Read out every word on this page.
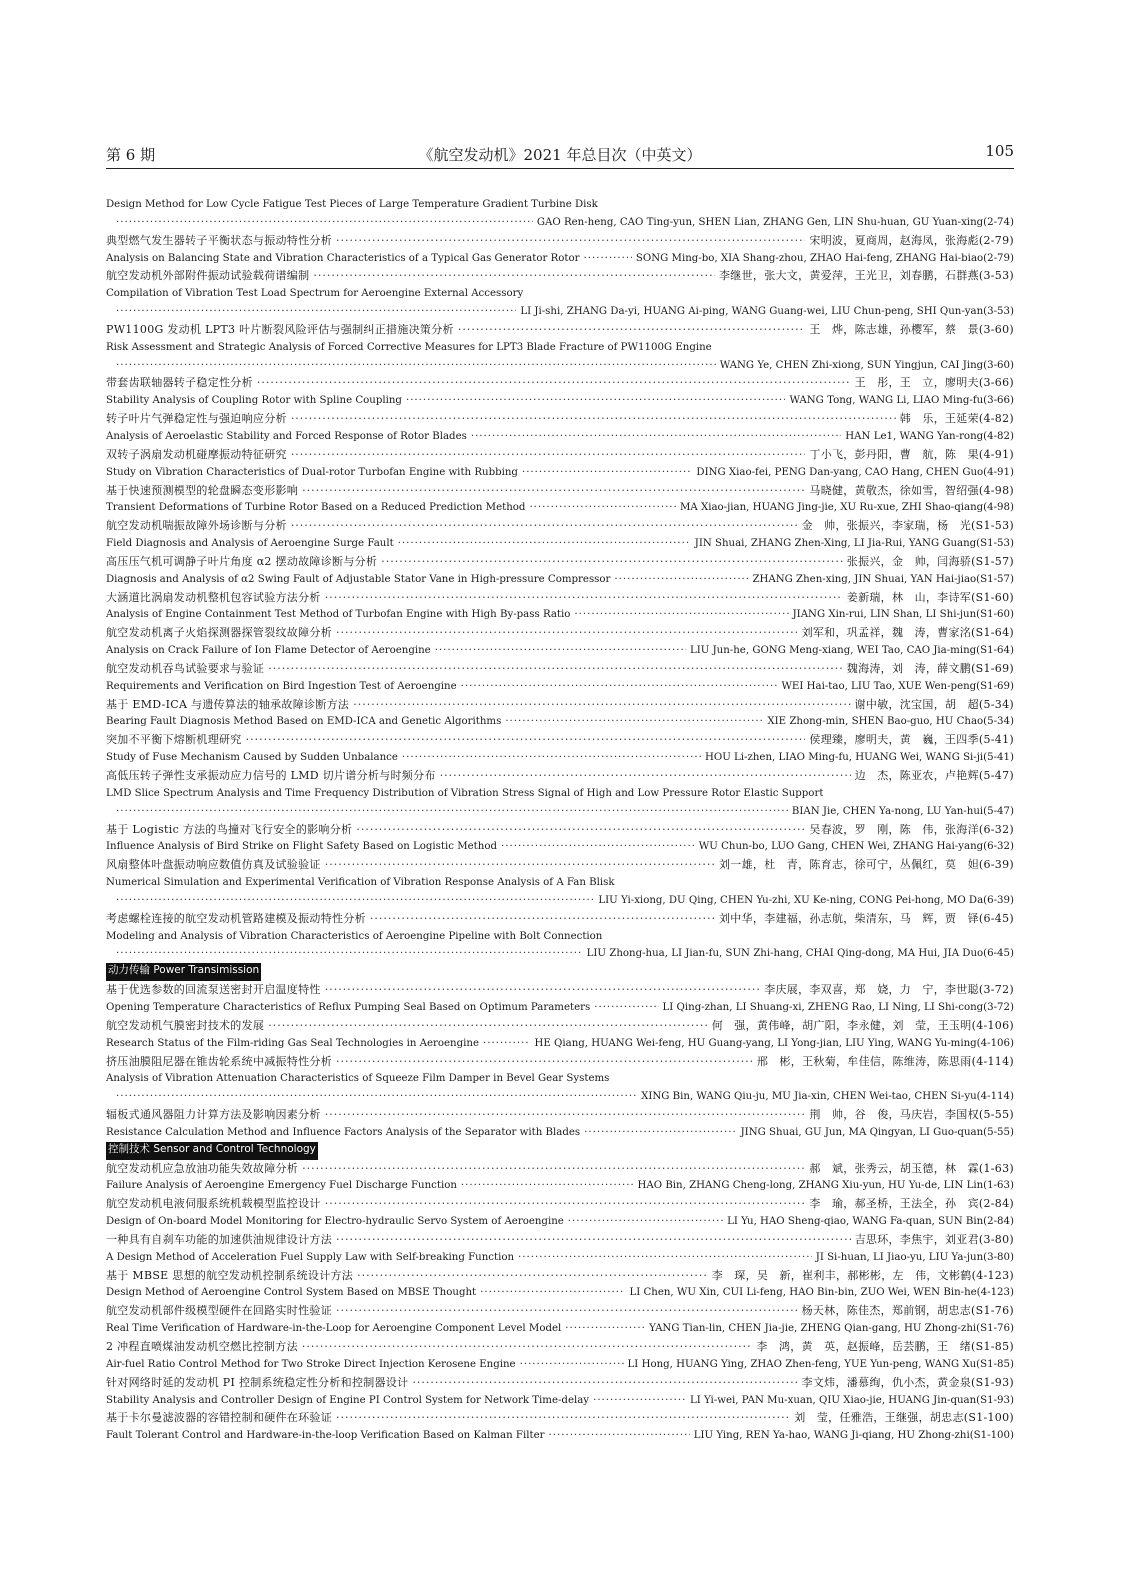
第 6 期	《航空发动机》2021 年总目次（中英文）	105
Design Method for Low Cycle Fatigue Test Pieces of Large Temperature Gradient Turbine Disk
·····
GAO Ren-heng, CAO Ting-yun, SHEN Lian, ZHANG Gen, LIN Shu-huan, GU Yuan-xing(2-74)
典型燃气发生器转子平衡状态与振动特性分析 ·····	宋明波，夏商周，赵海凤，张海彪(2-79)
Analysis on Balancing State and Vibration Characteristics of a Typical Gas Generator Rotor ·····	SONG Ming-bo, XIA Shang-zhou, ZHAO Hai-feng, ZHANG Hai-biao(2-79)
航空发动机外部附件振动试验载荷谱编制 ·····	李继世，张大文，黄爱萍，王光卫，刘春鹏，石群燕(3-53)
Compilation of Vibration Test Load Spectrum for Aeroengine External Accessory
·····
LI Ji-shi, ZHANG Da-yi, HUANG Ai-ping, WANG Guang-wei, LIU Chun-peng, SHI Qun-yan(3-53)
PW1100G 发动机 LPT3 叶片断裂风险评估与强制纠正措施决策分析 ·····	王　烨，陈志雄，孙樱军，蔡　景(3-60)
Risk Assessment and Strategic Analysis of Forced Corrective Measures for LPT3 Blade Fracture of PW1100G Engine
·····
WANG Ye, CHEN Zhi-xiong, SUN Yingjun, CAI Jing(3-60)
带套齿联轴器转子稳定性分析 ·····	王　彤，王　立，廖明夫(3-66)
Stability Analysis of Coupling Rotor with Spline Coupling ·····	WANG Tong, WANG Li, LIAO Ming-fu(3-66)
转子叶片气弹稳定性与强迫响应分析 ·····	韩　乐，王延荣(4-82)
Analysis of Aeroelastic Stability and Forced Response of Rotor Blades ·····	HAN Le1, WANG Yan-rong(4-82)
双转子涡扇发动机碰摩振动特征研究 ·····	丁小飞，彭丹阳，曹　航，陈　果(4-91)
Study on Vibration Characteristics of Dual-rotor Turbofan Engine with Rubbing ·····	DING Xiao-fei, PENG Dan-yang, CAO Hang, CHEN Guo(4-91)
基于快速预测模型的轮盘瞬态变形影响 ·····	马晓健，黄敬杰，徐如雪，智绍强(4-98)
Transient Deformations of Turbine Rotor Based on a Reduced Prediction Method ·····	MA Xiao-jian, HUANG Jing-jie, XU Ru-xue, ZHI Shao-qiang(4-98)
航空发动机喘振故障外场诊断与分析 ·····	金　帅，张振兴，李家瑞，杨　光(S1-53)
Field Diagnosis and Analysis of Aeroengine Surge Fault ·····	JIN Shuai, ZHANG Zhen-Xing, LI Jia-Rui, YANG Guang(S1-53)
高压压气机可调静子叶片角度 α2 摆动故障诊断与分析 ·····	张振兴，金　帅，闫海骄(S1-57)
Diagnosis and Analysis of α2 Swing Fault of Adjustable Stator Vane in High-pressure Compressor ·····	ZHANG Zhen-xing, JIN Shuai, YAN Hai-jiao(S1-57)
大涵道比涡扇发动机整机包容试验方法分析 ·····	姜新瑞，林　山，李诗军(S1-60)
Analysis of Engine Containment Test Method of Turbofan Engine with High By-pass Ratio ·····	JIANG Xin-rui, LIN Shan, LI Shi-jun(S1-60)
航空发动机离子火焰探测器探管裂纹故障分析 ·····	刘军和，巩孟祥，魏　涛，曹家洺(S1-64)
Analysis on Crack Failure of Ion Flame Detector of Aeroengine ·····	LIU Jun-he, GONG Meng-xiang, WEI Tao, CAO Jia-ming(S1-64)
航空发动机吞鸟试验要求与验证 ·····	魏海涛，刘　涛，薛文鹏(S1-69)
Requirements and Verification on Bird Ingestion Test of Aeroengine ·····	WEI Hai-tao, LIU Tao, XUE Wen-peng(S1-69)
基于 EMD-ICA 与遗传算法的轴承故障诊断方法 ·····	谢中敏，沈宝国，胡　超(5-34)
Bearing Fault Diagnosis Method Based on EMD-ICA and Genetic Algorithms ·····	XIE Zhong-min, SHEN Bao-guo, HU Chao(5-34)
突加不平衡下熔断机理研究 ·····	侯理臻，廖明夫，黄　巍，王四季(5-41)
Study of Fuse Mechanism Caused by Sudden Unbalance ·····	HOU Li-zhen, LIAO Ming-fu, HUANG Wei, WANG Si-ji(5-41)
高低压转子弹性支承振动应力信号的 LMD 切片谱分析与时频分布 ·····	边　杰，陈亚农，卢艳辉(5-47)
LMD Slice Spectrum Analysis and Time Frequency Distribution of Vibration Stress Signal of High and Low Pressure Rotor Elastic Support
·····
BIAN Jie, CHEN Ya-nong, LU Yan-hui(5-47)
基于 Logistic 方法的鸟撞对飞行安全的影响分析 ·····	吴春波，罗　刚，陈　伟，张海洋(6-32)
Influence Analysis of Bird Strike on Flight Safety Based on Logistic Method ·····	WU Chun-bo, LUO Gang, CHEN Wei, ZHANG Hai-yang(6-32)
风扇整体叶盘振动响应数值仿真及试验验证 ·····	刘一雄，杜　青，陈育志，徐可宁，丛佩红，莫　妲(6-39)
Numerical Simulation and Experimental Verification of Vibration Response Analysis of A Fan Blisk
·····
LIU Yi-xiong, DU Qing, CHEN Yu-zhi, XU Ke-ning, CONG Pei-hong, MO Da(6-39)
考虑螺栓连接的航空发动机管路建模及振动特性分析 ·····	刘中华，李建福，孙志航，柴清东，马　辉，贾　铎(6-45)
Modeling and Analysis of Vibration Characteristics of Aeroengine Pipeline with Bolt Connection
·····
LIU Zhong-hua, LI Jian-fu, SUN Zhi-hang, CHAI Qing-dong, MA Hui, JIA Duo(6-45)
动力传输 Power Transimission
基于优选参数的回流泵送密封开启温度特性 ·····	李庆展，李双喜，郑　娆，力　宁，李世聪(3-72)
Opening Temperature Characteristics of Reflux Pumping Seal Based on Optimum Parameters ·····	LI Qing-zhan, LI Shuang-xi, ZHENG Rao, LI Ning, LI Shi-cong(3-72)
航空发动机气膜密封技术的发展 ·····	何　强，黄伟峰，胡广阳，李永健，刘　莹，王玉明(4-106)
Research Status of the Film-riding Gas Seal Technologies in Aeroengine ·····	HE Qiang, HUANG Wei-feng, HU Guang-yang, LI Yong-jian, LIU Ying, WANG Yu-ming(4-106)
挤压油膜阻尼器在锥齿轮系统中减振特性分析 ·····	邢　彬，王秋菊，牟佳信，陈维涛，陈思雨(4-114)
Analysis of Vibration Attenuation Characteristics of Squeeze Film Damper in Bevel Gear Systems
·····
XING Bin, WANG Qiu-ju, MU Jia-xin, CHEN Wei-tao, CHEN Si-yu(4-114)
辐板式通风器阻力计算方法及影响因素分析 ·····	荆　帅，谷　俊，马庆岩，李国权(5-55)
Resistance Calculation Method and Influence Factors Analysis of the Separator with Blades ·····	JING Shuai, GU Jun, MA Qingyan, LI Guo-quan(5-55)
控制技术 Sensor and Control Technology
航空发动机应急放油功能失效故障分析 ·····	郝　斌，张秀云，胡玉德，林　霖(1-63)
Failure Analysis of Aeroengine Emergency Fuel Discharge Function ·····	HAO Bin, ZHANG Cheng-long, ZHANG Xiu-yun, HU Yu-de, LIN Lin(1-63)
航空发动机电液伺服系统机载模型监控设计 ·····	李　瑜，郝圣桥，王法全，孙　宾(2-84)
Design of On-board Model Monitoring for Electro-hydraulic Servo System of Aeroengine ·····	LI Yu, HAO Sheng-qiao, WANG Fa-quan, SUN Bin(2-84)
一种具有自刹车功能的加速供油规律设计方法 ·····	吉思环，李焦宇，刘亚君(3-80)
A Design Method of Acceleration Fuel Supply Law with Self-breaking Function ·····	JI Si-huan, LI Jiao-yu, LIU Ya-jun(3-80)
基于 MBSE 思想的航空发动机控制系统设计方法 ·····	李　琛，吴　新，崔利丰，郝彬彬，左　伟，文彬鹤(4-123)
Design Method of Aeroengine Control System Based on MBSE Thought ·····	LI Chen, WU Xin, CUI Li-feng, HAO Bin-bin, ZUO Wei, WEN Bin-he(4-123)
航空发动机部件级模型硬件在回路实时性验证 ·····	杨天林，陈佳杰，郑前钢，胡忠志(S1-76)
Real Time Verification of Hardware-in-the-Loop for Aeroengine Component Level Model ·····	YANG Tian-lin, CHEN Jia-jie, ZHENG Qian-gang, HU Zhong-zhi(S1-76)
2 冲程直喷煤油发动机空燃比控制方法 ·····	李　鸿，黄　英，赵振峰，岳芸鹏，王　绪(S1-85)
Air-fuel Ratio Control Method for Two Stroke Direct Injection Kerosene Engine ·····	LI Hong, HUANG Ying, ZHAO Zhen-feng, YUE Yun-peng, WANG Xu(S1-85)
针对网络时延的发动机 PI 控制系统稳定性分析和控制器设计 ·····	李文炜，潘慕绚，仇小杰，黄金泉(S1-93)
Stability Analysis and Controller Design of Engine PI Control System for Network Time-delay ·····	LI Yi-wei, PAN Mu-xuan, QIU Xiao-jie, HUANG Jin-quan(S1-93)
基于卡尔曼滤波器的容错控制和硬件在环验证 ·····	刘　莹，任雅浩，王继强，胡忠志(S1-100)
Fault Tolerant Control and Hardware-in-the-loop Verification Based on Kalman Filter ·····	LIU Ying, REN Ya-hao, WANG Ji-qiang, HU Zhong-zhi(S1-100)
